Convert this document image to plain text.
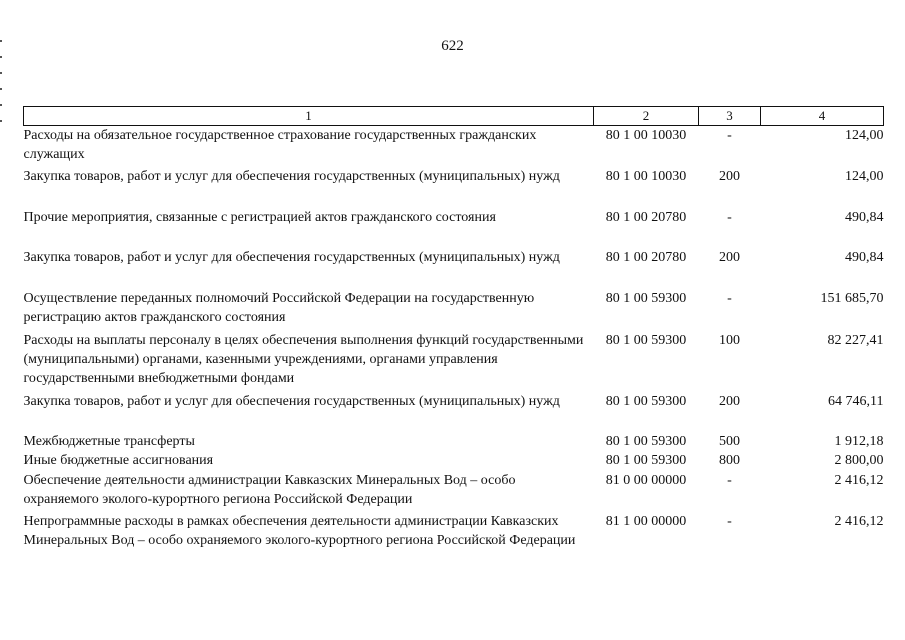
622
1	2	3	4
Расходы на обязательное государственное страхование государственных гражданских служащих	80 1 00 10030	-	124,00
Закупка товаров, работ и услуг для обеспечения государственных (муниципальных) нужд	80 1 00 10030	200	124,00
Прочие мероприятия, связанные с регистрацией актов гражданского состояния	80 1 00 20780	-	490,84
Закупка товаров, работ и услуг для обеспечения государственных (муниципальных) нужд	80 1 00 20780	200	490,84
Осуществление переданных полномочий Российской Федерации на государственную регистрацию актов гражданского состояния	80 1 00 59300	-	151 685,70
Расходы на выплаты персоналу в целях обеспечения выполнения функций государственными (муниципальными) органами, казенными учреждениями, органами управления государственными внебюджетными фондами	80 1 00 59300	100	82 227,41
Закупка товаров, работ и услуг для обеспечения государственных (муниципальных) нужд	80 1 00 59300	200	64 746,11
Межбюджетные трансферты	80 1 00 59300	500	1 912,18
Иные бюджетные ассигнования	80 1 00 59300	800	2 800,00
Обеспечение деятельности администрации Кавказских Минеральных Вод – особо охраняемого эколого-курортного региона Российской Федерации	81 0 00 00000	-	2 416,12
Непрограммные расходы в рамках обеспечения деятельности администрации Кавказских Минеральных Вод – особо охраняемого эколого-курортного региона Российской Федерации	81 1 00 00000	-	2 416,12
